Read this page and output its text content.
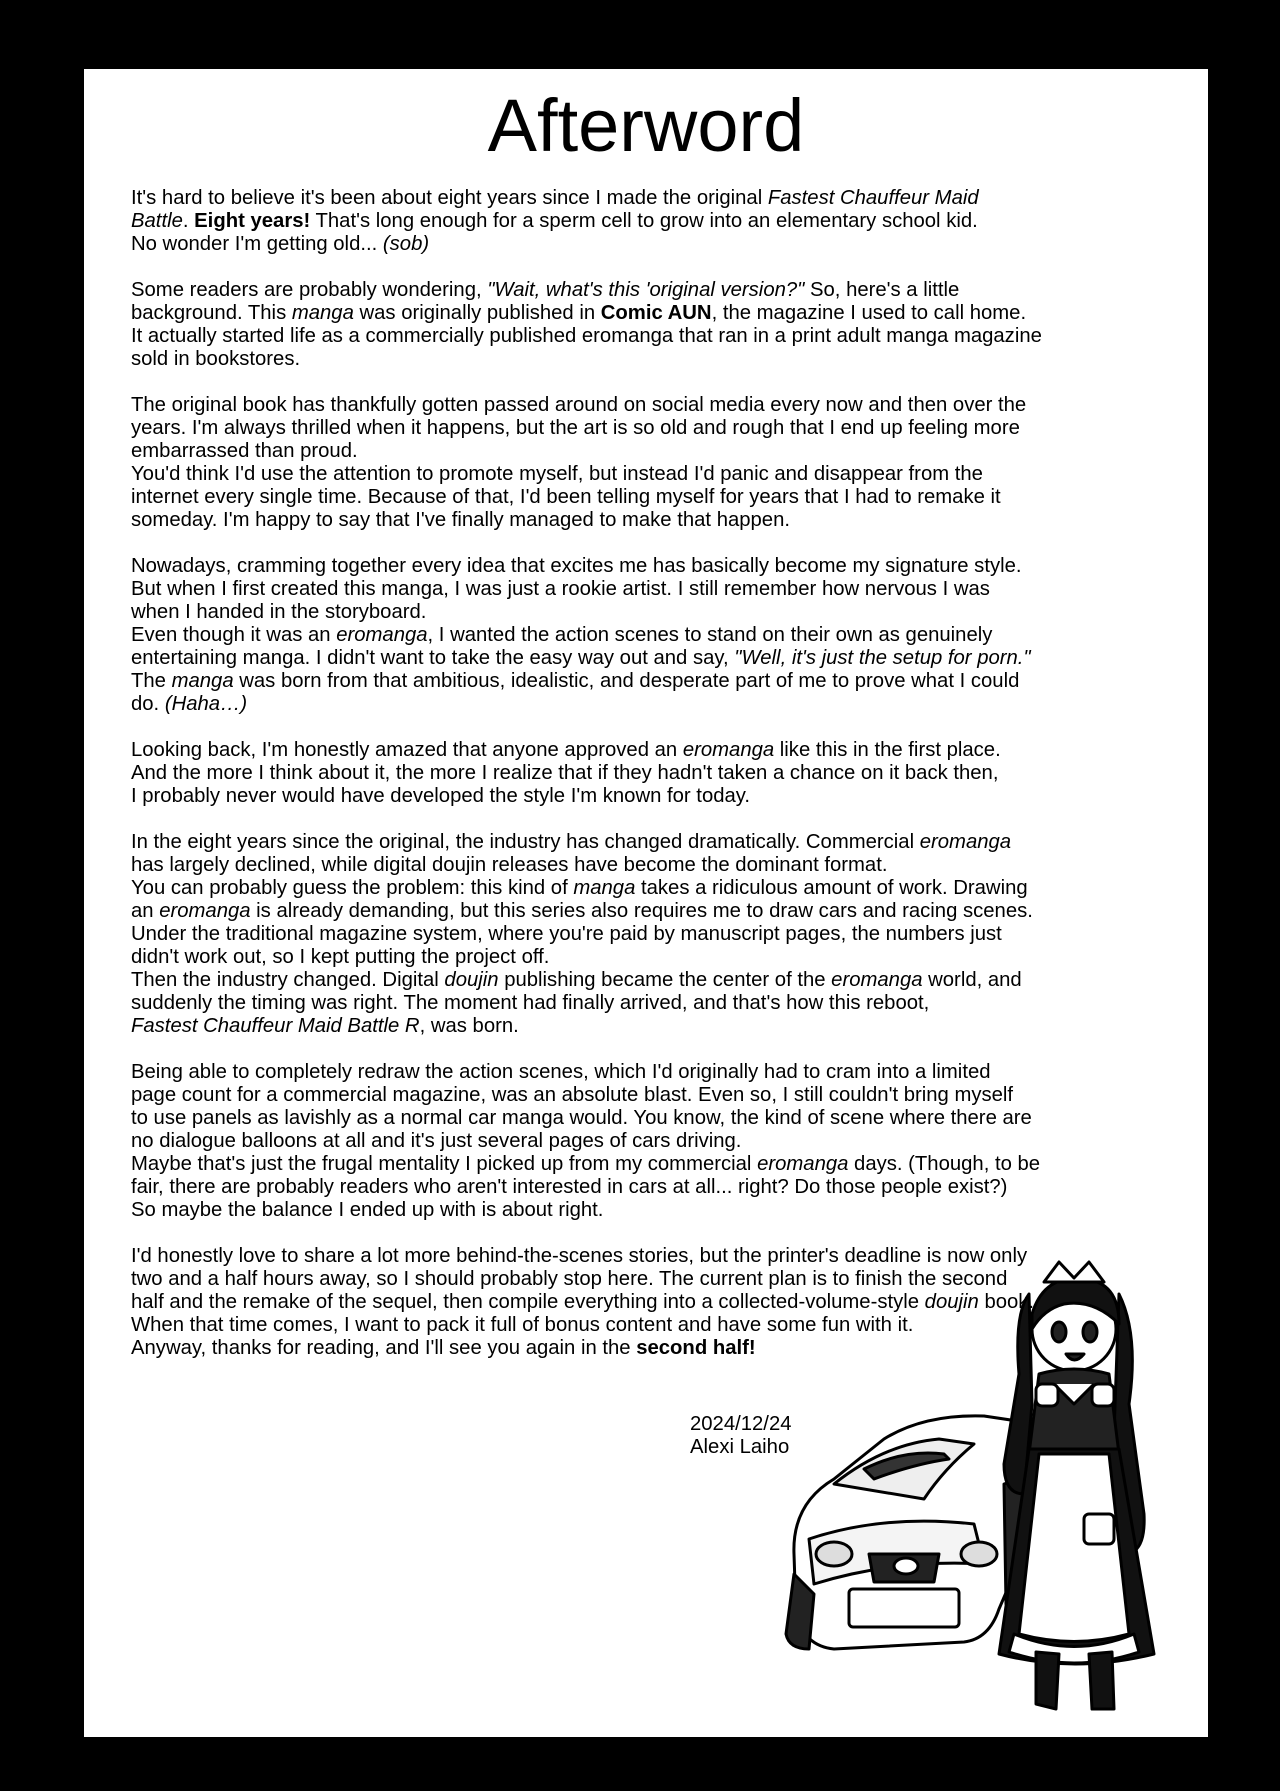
Afterword

It's hard to believe it's been about eight years since I made the original Fastest Chauffeur Maid
Battle. Eight years! That's long enough for a sperm cell to grow into an elementary school kid.
No wonder I'm getting old... (sob)

Some readers are probably wondering, "Wait, what's this 'original version?" So, here's a little
background. This manga was originally published in Comic AUN, the magazine I used to call home.
It actually started life as a commercially published eromanga that ran in a print adult manga magazine
sold in bookstores.

The original book has thankfully gotten passed around on social media every now and then over the
years. I'm always thrilled when it happens, but the art is so old and rough that I end up feeling more
embarrassed than proud.
You'd think I'd use the attention to promote myself, but instead I'd panic and disappear from the
internet every single time. Because of that, I'd been telling myself for years that I had to remake it
someday. I'm happy to say that I've finally managed to make that happen.

Nowadays, cramming together every idea that excites me has basically become my signature style.
But when I first created this manga, I was just a rookie artist. I still remember how nervous I was
when I handed in the storyboard.
Even though it was an eromanga, I wanted the action scenes to stand on their own as genuinely
entertaining manga. I didn't want to take the easy way out and say, "Well, it's just the setup for porn."
The manga was born from that ambitious, idealistic, and desperate part of me to prove what I could
do. (Haha…)

Looking back, I'm honestly amazed that anyone approved an eromanga like this in the first place.
And the more I think about it, the more I realize that if they hadn't taken a chance on it back then,
I probably never would have developed the style I'm known for today.

In the eight years since the original, the industry has changed dramatically. Commercial eromanga
has largely declined, while digital doujin releases have become the dominant format.
You can probably guess the problem: this kind of manga takes a ridiculous amount of work. Drawing
an eromanga is already demanding, but this series also requires me to draw cars and racing scenes.
Under the traditional magazine system, where you're paid by manuscript pages, the numbers just
didn't work out, so I kept putting the project off.
Then the industry changed. Digital doujin publishing became the center of the eromanga world, and
suddenly the timing was right. The moment had finally arrived, and that's how this reboot,
Fastest Chauffeur Maid Battle R, was born.

Being able to completely redraw the action scenes, which I'd originally had to cram into a limited
page count for a commercial magazine, was an absolute blast. Even so, I still couldn't bring myself
to use panels as lavishly as a normal car manga would. You know, the kind of scene where there are
no dialogue balloons at all and it's just several pages of cars driving.
Maybe that's just the frugal mentality I picked up from my commercial eromanga days. (Though, to be
fair, there are probably readers who aren't interested in cars at all... right? Do those people exist?)
So maybe the balance I ended up with is about right.

I'd honestly love to share a lot more behind-the-scenes stories, but the printer's deadline is now only
two and a half hours away, so I should probably stop here. The current plan is to finish the second
half and the remake of the sequel, then compile everything into a collected-volume-style doujin book.
When that time comes, I want to pack it full of bonus content and have some fun with it.
Anyway, thanks for reading, and I'll see you again in the second half!

2024/12/24
Alexi Laiho
